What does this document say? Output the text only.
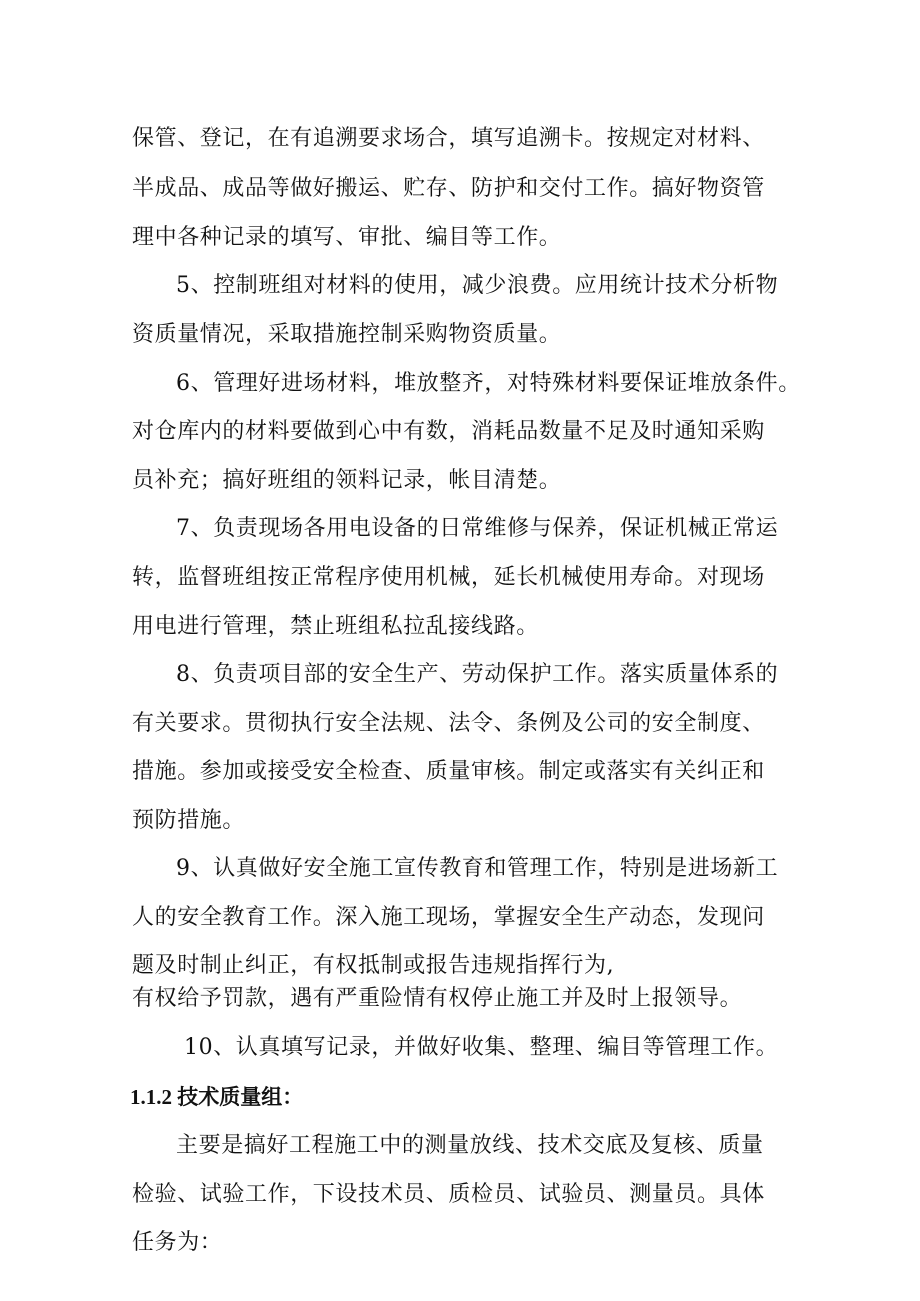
保管、登记，在有追溯要求场合，填写追溯卡。按规定对材料、
半成品、成品等做好搬运、贮存、防护和交付工作。搞好物资管
理中各种记录的填写、审批、编目等工作。
5、控制班组对材料的使用，减少浪费。应用统计技术分析物
资质量情况，采取措施控制采购物资质量。
6、管理好进场材料，堆放整齐，对特殊材料要保证堆放条件。
对仓库内的材料要做到心中有数，消耗品数量不足及时通知采购
员补充；搞好班组的领料记录，帐目清楚。
7、负责现场各用电设备的日常维修与保养，保证机械正常运
转，监督班组按正常程序使用机械，延长机械使用寿命。对现场
用电进行管理，禁止班组私拉乱接线路。
8、负责项目部的安全生产、劳动保护工作。落实质量体系的
有关要求。贯彻执行安全法规、法令、条例及公司的安全制度、
措施。参加或接受安全检查、质量审核。制定或落实有关纠正和
预防措施。
9、认真做好安全施工宣传教育和管理工作，特别是进场新工
人的安全教育工作。深入施工现场，掌握安全生产动态，发现问
题及时制止纠正，有权抵制或报告违规指挥行为,
有权给予罚款，遇有严重险情有权停止施工并及时上报领导。
10、认真填写记录，并做好收集、整理、编目等管理工作。
1.1.2 技术质量组：
主要是搞好工程施工中的测量放线、技术交底及复核、质量
检验、试验工作，下设技术员、质检员、试验员、测量员。具体
任务为：
